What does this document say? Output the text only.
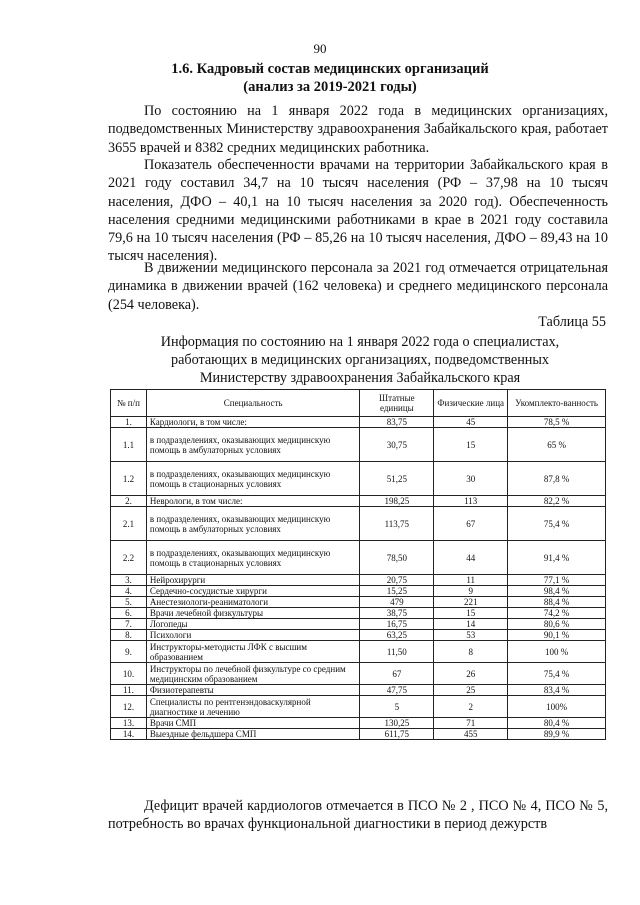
90
1.6. Кадровый состав медицинских организаций
(анализ за 2019-2021 годы)

По состоянию на 1 января 2022 года в медицинских организациях, подведомственных Министерству здравоохранения Забайкальского края, работает 3655 врачей и 8382 средних медицинских работника.

Показатель обеспеченности врачами на территории Забайкальского края в 2021 году составил 34,7 на 10 тысяч населения (РФ – 37,98 на 10 тысяч населения, ДФО – 40,1 на 10 тысяч населения за 2020 год). Обеспеченность населения средними медицинскими работниками в крае в 2021 году составила 79,6 на 10 тысяч населения (РФ – 85,26 на 10 тысяч населения, ДФО – 89,43 на 10 тысяч населения).

В движении медицинского персонала за 2021 год отмечается отрицательная динамика в движении врачей (162 человека) и среднего медицинского персонала (254 человека).

Таблица 55
Информация по состоянию на 1 января 2022 года о специалистах,
работающих в медицинских организациях, подведомственных
Министерству здравоохранения Забайкальского края
№ п/п	Специальность	Штатные единицы	Физические лица	Укомплекто-ванность
1.	Кардиологи, в том числе:	83,75	45	78,5 %
1.1	в подразделениях, оказывающих медицинскую помощь в амбулаторных условиях	30,75	15	65 %
1.2	в подразделениях, оказывающих медицинскую помощь в стационарных условиях	51,25	30	87,8 %
2.	Неврологи, в том числе:	198,25	113	82,2 %
2.1	в подразделениях, оказывающих медицинскую помощь в амбулаторных условиях	113,75	67	75,4 %
2.2	в подразделениях, оказывающих медицинскую помощь в стационарных условиях	78,50	44	91,4 %
3.	Нейрохирурги	20,75	11	77,1 %
4.	Сердечно-сосудистые хирурги	15,25	9	98,4 %
5.	Анестезиологи-реаниматологи	479	221	88,4 %
6.	Врачи лечебной физкультуры	38,75	15	74,2 %
7.	Логопеды	16,75	14	80,6 %
8.	Психологи	63,25	53	90,1 %
9.	Инструкторы-методисты ЛФК с высшим образованием	11,50	8	100 %
10.	Инструкторы по лечебной физкультуре со средним медицинским образованием	67	26	75,4 %
11.	Физиотерапевты	47,75	25	83,4 %
12.	Специалисты по рентгенэндоваскулярной диагностике и лечению	5	2	100%
13.	Врачи СМП	130,25	71	80,4 %
14.	Выездные фельдшера СМП	611,75	455	89,9 %

Дефицит врачей кардиологов отмечается в ПСО № 2 , ПСО № 4, ПСО № 5, потребность во врачах функциональной диагностики в период дежурств
